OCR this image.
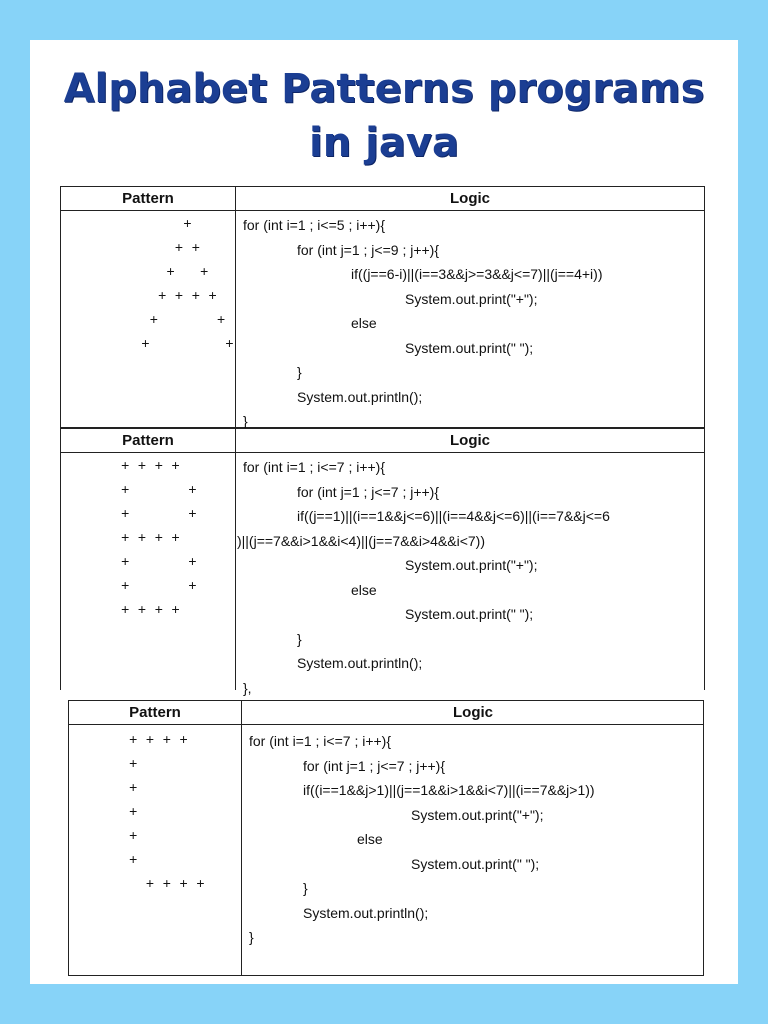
Alphabet Patterns programs
in java
Pattern	Logic
+
+ +
+   +
+ + + +
+       +
+         +
for (int i=1 ; i<=5 ; i++){
for (int j=1 ; j<=9 ; j++){
if((j==6-i)||(i==3&&j>=3&&j<=7)||(j==4+i))
System.out.print("+");
else
System.out.print(" ");
}
System.out.println();
}
Pattern	Logic
+ + + +
+       +
+       +
+ + + +
+       +
+       +
+ + + +
for (int i=1 ; i<=7 ; i++){
for (int j=1 ; j<=7 ; j++){
if((j==1)||(i==1&&j<=6)||(i==4&&j<=6)||(i==7&&j<=6
)||(j==7&&i>1&&i<4)||(j==7&&i>4&&i<7))
System.out.print("+");
else
System.out.print(" ");
}
System.out.println();
},
Pattern	Logic
+ + + +
+
+
+
+
+
+ + + +
for (int i=1 ; i<=7 ; i++){
for (int j=1 ; j<=7 ; j++){
if((i==1&&j>1)||(j==1&&i>1&&i<7)||(i==7&&j>1))
System.out.print("+");
else
System.out.print(" ");
}
System.out.println();
}
